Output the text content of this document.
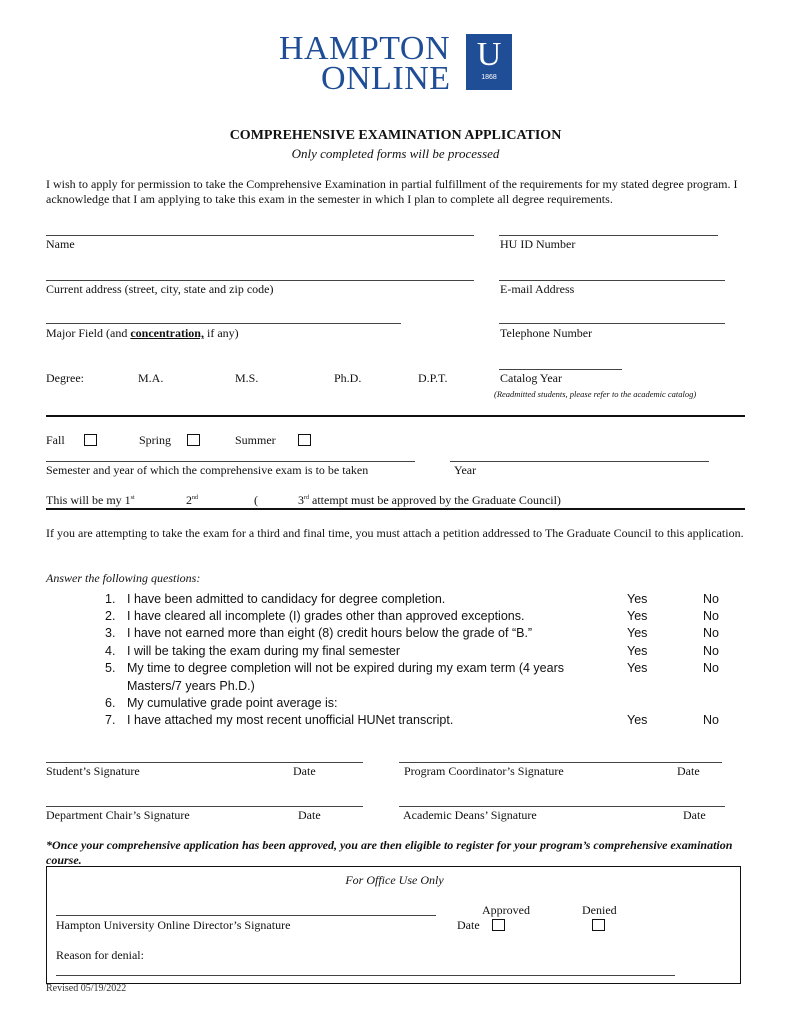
HAMPTON
ONLINE
U
1868
COMPREHENSIVE EXAMINATION APPLICATION
Only completed forms will be processed
I wish to apply for permission to take the Comprehensive Examination in partial fulfillment of the requirements for my stated degree program. I acknowledge that I am applying to take this exam in the semester in which I plan to complete all degree requirements.
Name	HU ID Number
Current address (street, city, state and zip code)	E-mail Address
Major Field (and concentration, if any)	Telephone Number
Degree:	M.A.	M.S.	Ph.D.	D.P.T.	Catalog Year
(Readmitted students, please refer to the academic catalog)
Fall	Spring	Summer
Semester and year of which the comprehensive exam is to be taken	Year
This will be my 1st	2nd	(	3rd attempt must be approved by the Graduate Council)
If you are attempting to take the exam for a third and final time, you must attach a petition addressed to The Graduate Council to this application.
Answer the following questions:
1. I have been admitted to candidacy for degree completion.	Yes	No
2. I have cleared all incomplete (I) grades other than approved exceptions.	Yes	No
3. I have not earned more than eight (8) credit hours below the grade of “B.”	Yes	No
4. I will be taking the exam during my final semester	Yes	No
5. My time to degree completion will not be expired during my exam term (4 years	Yes	No
Masters/7 years Ph.D.)
6. My cumulative grade point average is:
7. I have attached my most recent unofficial HUNet transcript.	Yes	No
Student’s Signature	Date	Program Coordinator’s Signature	Date
Department Chair’s Signature	Date	Academic Deans’ Signature	Date
*Once your comprehensive application has been approved, you are then eligible to register for your program’s comprehensive examination course.
For Office Use Only
Approved	Denied
Hampton University Online Director’s Signature	Date
Reason for denial:
Revised 05/19/2022
